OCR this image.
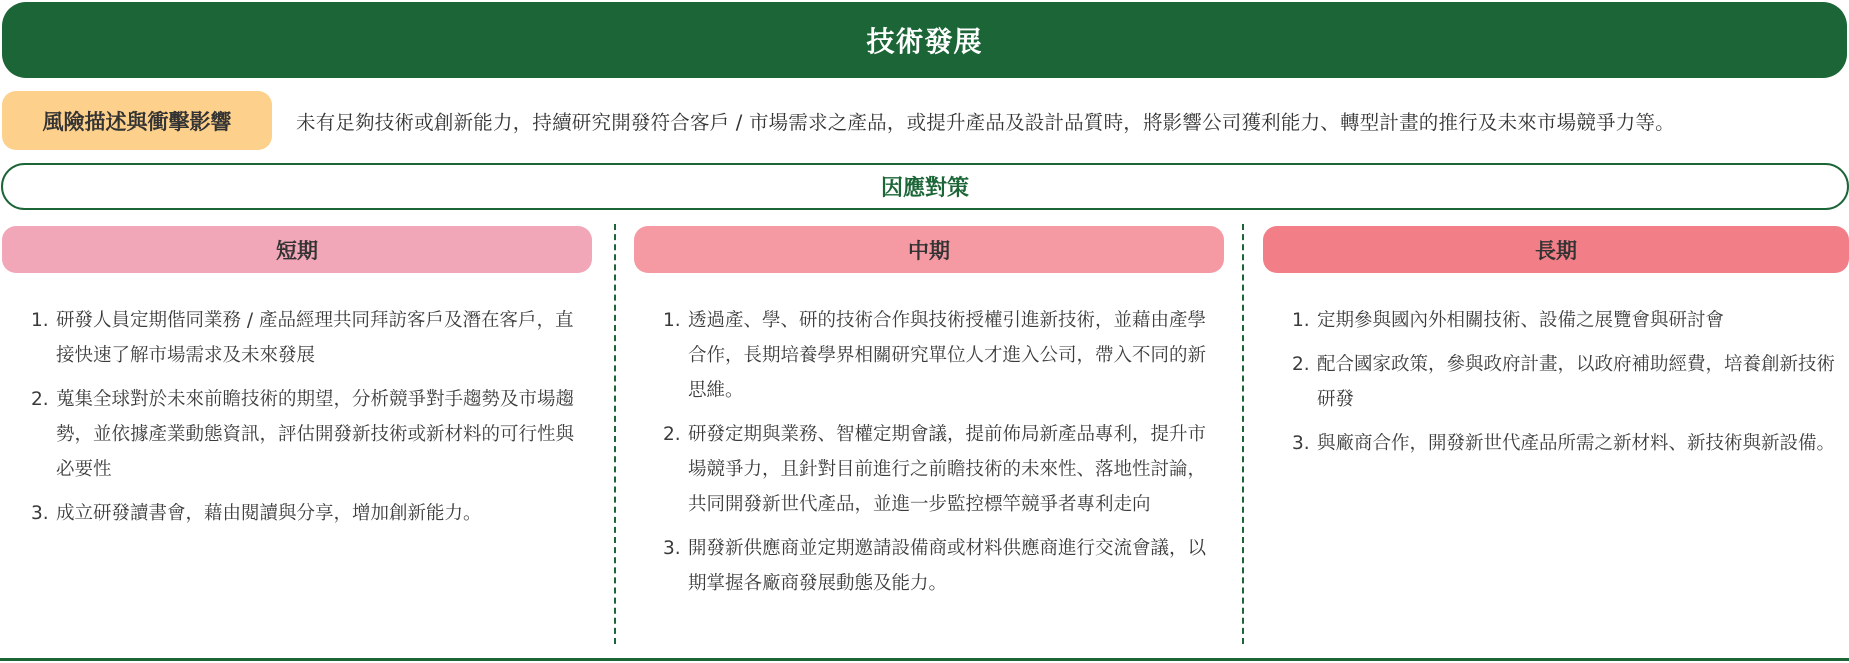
技術發展
風險描述與衝擊影響	未有足夠技術或創新能力，持續研究開發符合客戶 / 市場需求之產品，或提升產品及設計品質時，將影響公司獲利能力、轉型計畫的推行及未來市場競爭力等。
因應對策
短期
1. 研發人員定期偕同業務 / 產品經理共同拜訪客戶及潛在客戶，直接快速了解市場需求及未來發展
2. 蒐集全球對於未來前瞻技術的期望，分析競爭對手趨勢及市場趨勢，並依據產業動態資訊，評估開發新技術或新材料的可行性與必要性
3. 成立研發讀書會，藉由閱讀與分享，增加創新能力。
中期
1. 透過產、學、研的技術合作與技術授權引進新技術，並藉由產學合作，長期培養學界相關研究單位人才進入公司，帶入不同的新思維。
2. 研發定期與業務、智權定期會議，提前佈局新產品專利，提升市場競爭力，且針對目前進行之前瞻技術的未來性、落地性討論，共同開發新世代產品，並進一步監控標竿競爭者專利走向
3. 開發新供應商並定期邀請設備商或材料供應商進行交流會議，以期掌握各廠商發展動態及能力。
長期
1. 定期參與國內外相關技術、設備之展覽會與研討會
2. 配合國家政策，參與政府計畫，以政府補助經費，培養創新技術研發
3. 與廠商合作，開發新世代產品所需之新材料、新技術與新設備。
